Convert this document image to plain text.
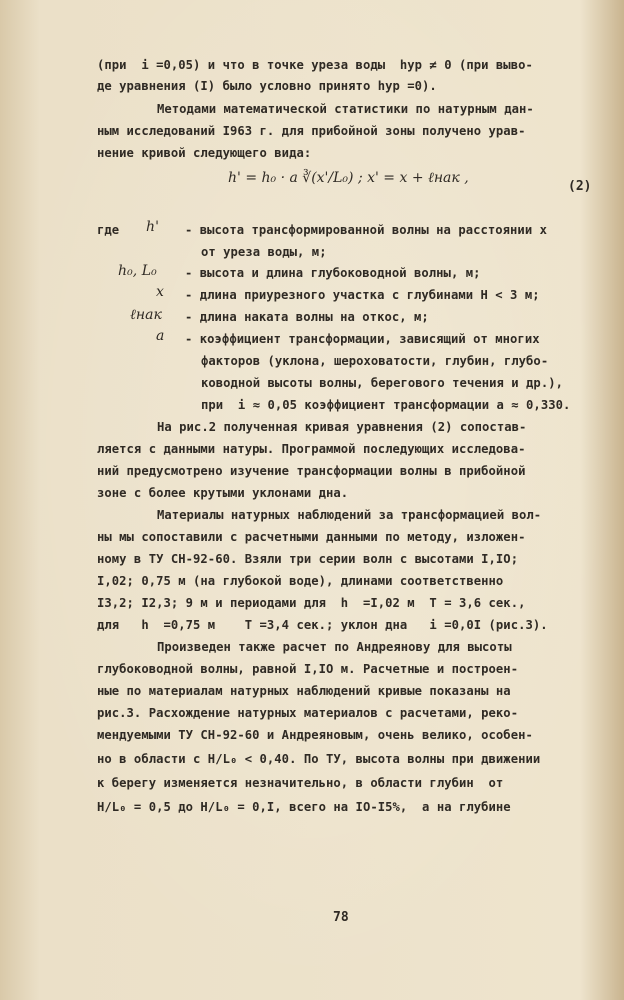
(при  i =0,05) и что в точке уреза воды  hур ≠ 0 (при выво-
де уравнения (I) было условно принято hур =0).
Методами математической статистики по натурным дан-
ным исследований I963 г. для прибойной зоны получено урав-
нение кривой следующего вида:
h' = h₀ · a ∛(x'/L₀) ; x' = x + ℓнак ,
(2)
где h' - высота трансформированной волны на расстоянии x
от уреза воды, м;
h₀, L₀ - высота и длина глубоководной волны, м;
x - длина приурезного участка с глубинами H < 3 м;
ℓнак - длина наката волны на откос, м;
a - коэффициент трансформации, зависящий от многих
факторов (уклона, шероховатости, глубин, глубо-
ководной высоты волны, берегового течения и др.),
при  i ≈ 0,05 коэффициент трансформации a ≈ 0,330.
На рис.2 полученная кривая уравнения (2) сопостав-
ляется с данными натуры. Программой последующих исследова-
ний предусмотрено изучение трансформации волны в прибойной
зоне с более крутыми уклонами дна.
Материалы натурных наблюдений за трансформацией вол-
ны мы сопоставили с расчетными данными по методу, изложен-
ному в ТУ СН-92-60. Взяли три серии волн с высотами I,IO;
I,02; 0,75 м (на глубокой воде), длинами соответственно
I3,2; I2,3; 9 м и периодами для  h  =I,02 м  T = 3,6 сек.,
для   h  =0,75 м    T =3,4 сек.; уклон дна   i =0,0I (рис.3).
Произведен также расчет по Андреянову для высоты
глубоководной волны, равной I,IO м. Расчетные и построен-
ные по материалам натурных наблюдений кривые показаны на
рис.3. Расхождение натурных материалов с расчетами, реко-
мендуемыми ТУ СН-92-60 и Андреяновым, очень велико, особен-
но в области с H/L₀ < 0,40. По ТУ, высота волны при движении
к берегу изменяется незначительно, в области глубин  от
H/L₀ = 0,5 до H/L₀ = 0,I, всего на IO-I5%,  а на глубине
78
